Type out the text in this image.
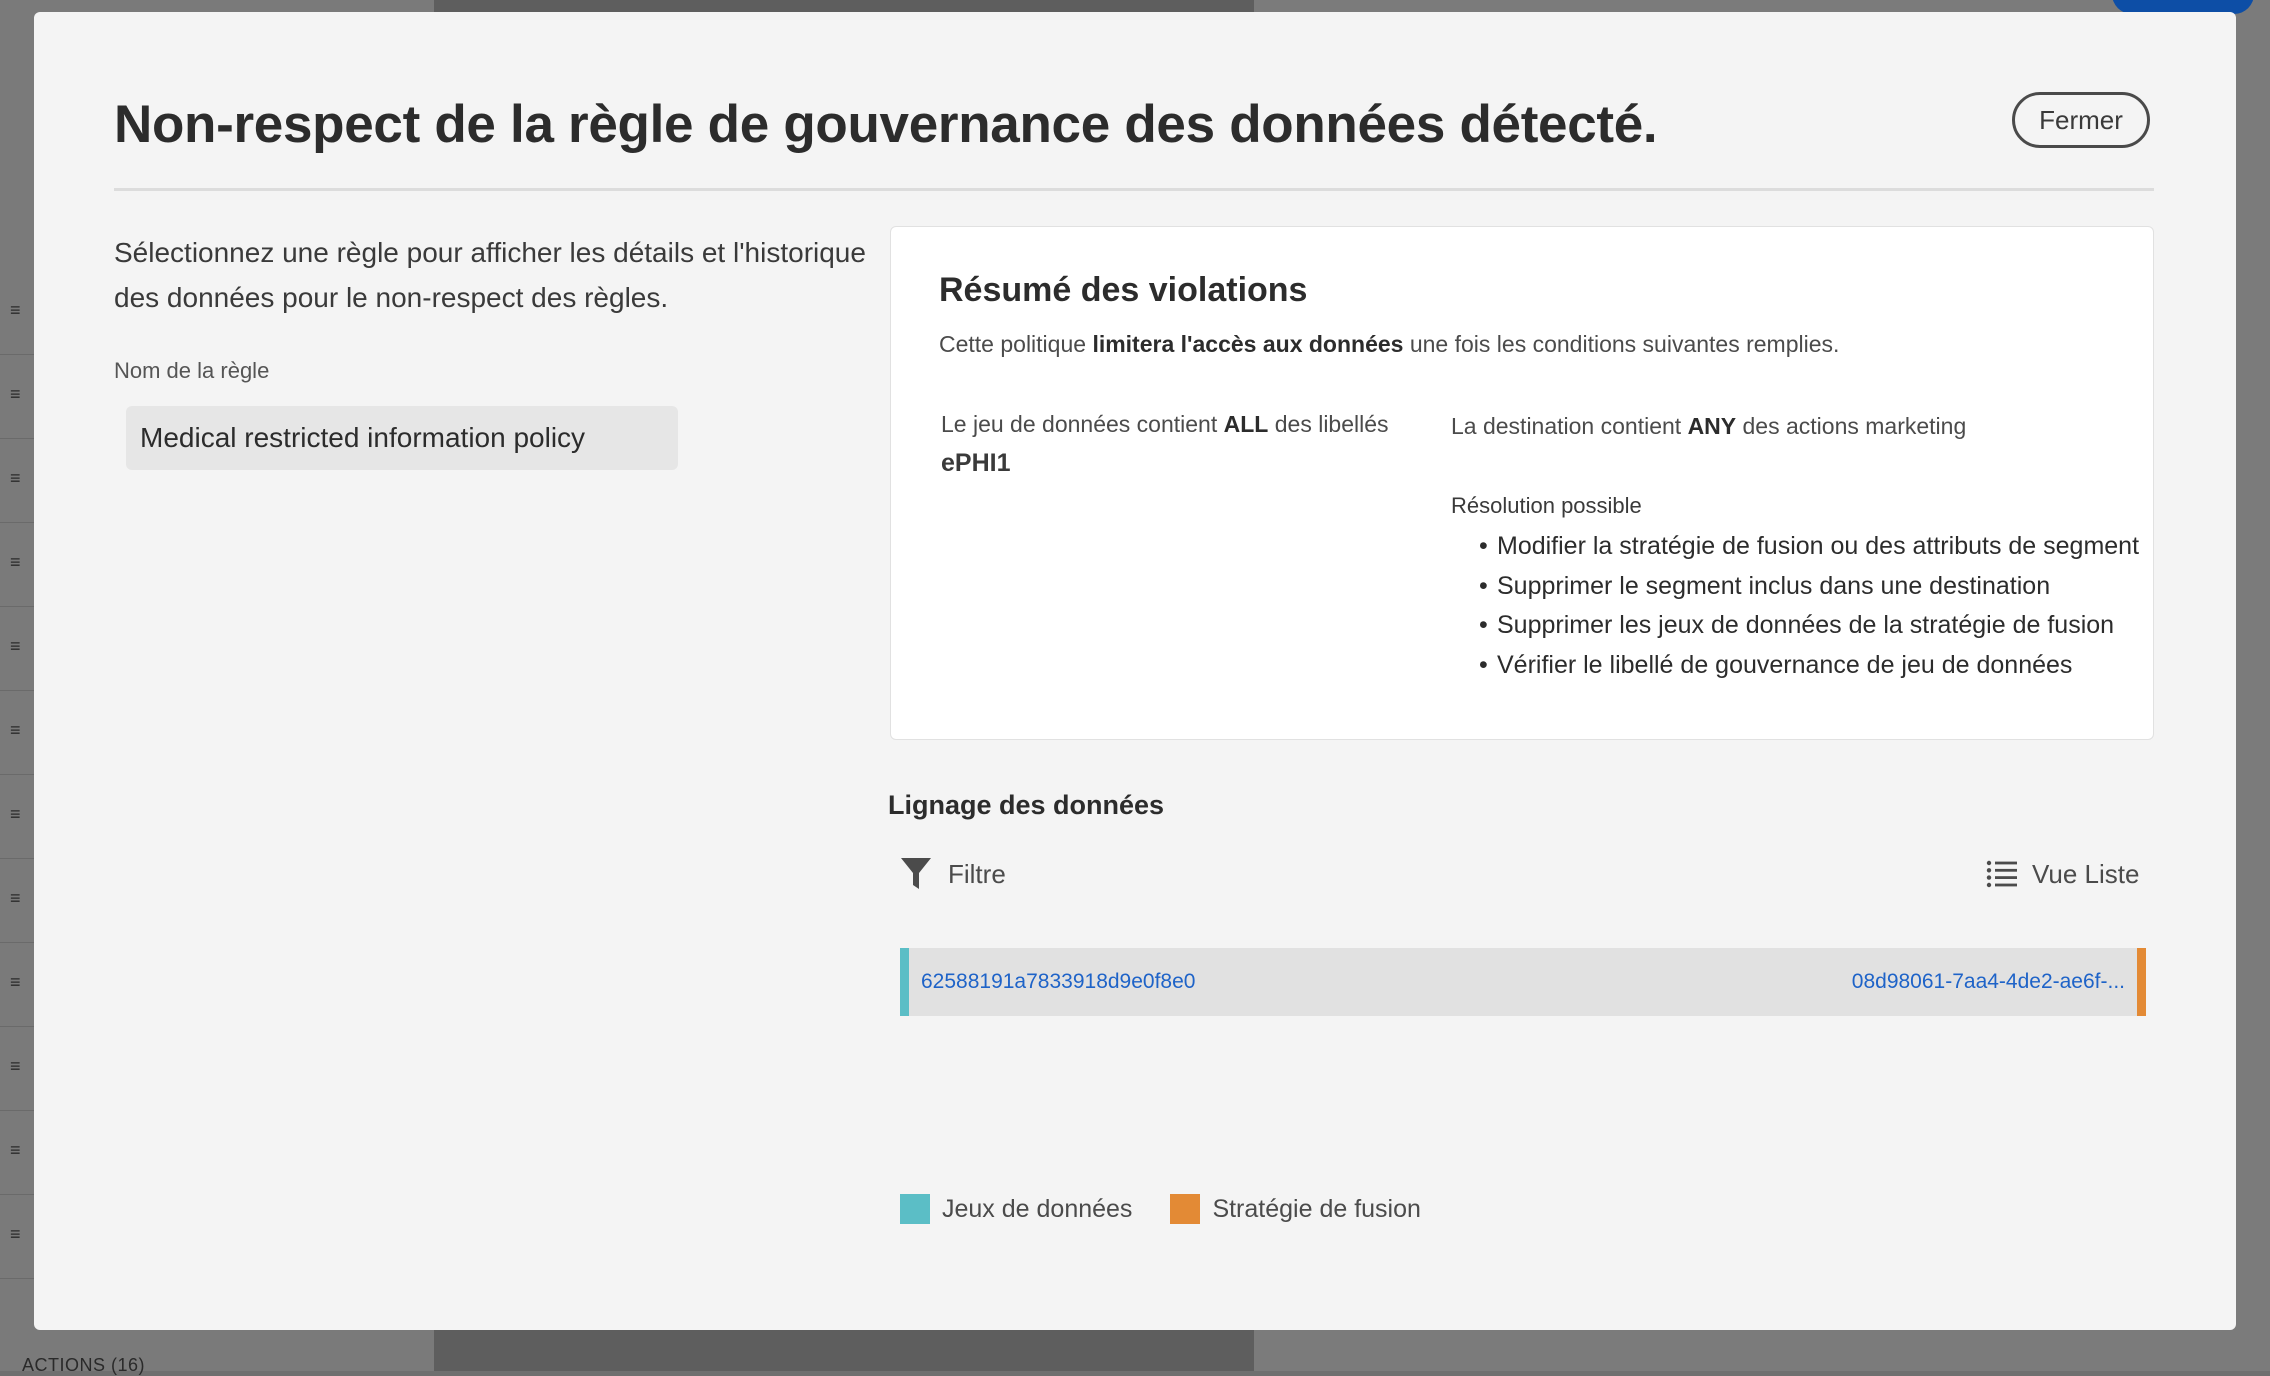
≡
≡
≡
≡
≡
≡
≡
≡
≡
≡
≡
≡
ACTIONS (16)
Non-respect de la règle de gouvernance des données détecté.	Fermer

Sélectionnez une règle pour afficher les détails et l'historique des données pour le non-respect des règles.

Nom de la règle
Medical restricted information policy
Résumé des violations
Cette politique limitera l'accès aux données une fois les conditions suivantes remplies.
Le jeu de données contient ALL des libellés
ePHI1
La destination contient ANY des actions marketing
Résolution possible
• Modifier la stratégie de fusion ou des attributs de segment
• Supprimer le segment inclus dans une destination
• Supprimer les jeux de données de la stratégie de fusion
• Vérifier le libellé de gouvernance de jeu de données
Lignage des données
Filtre	Vue Liste
62588191a7833918d9e0f8e0	08d98061-7aa4-4de2-ae6f-...
Jeux de données	Stratégie de fusion
